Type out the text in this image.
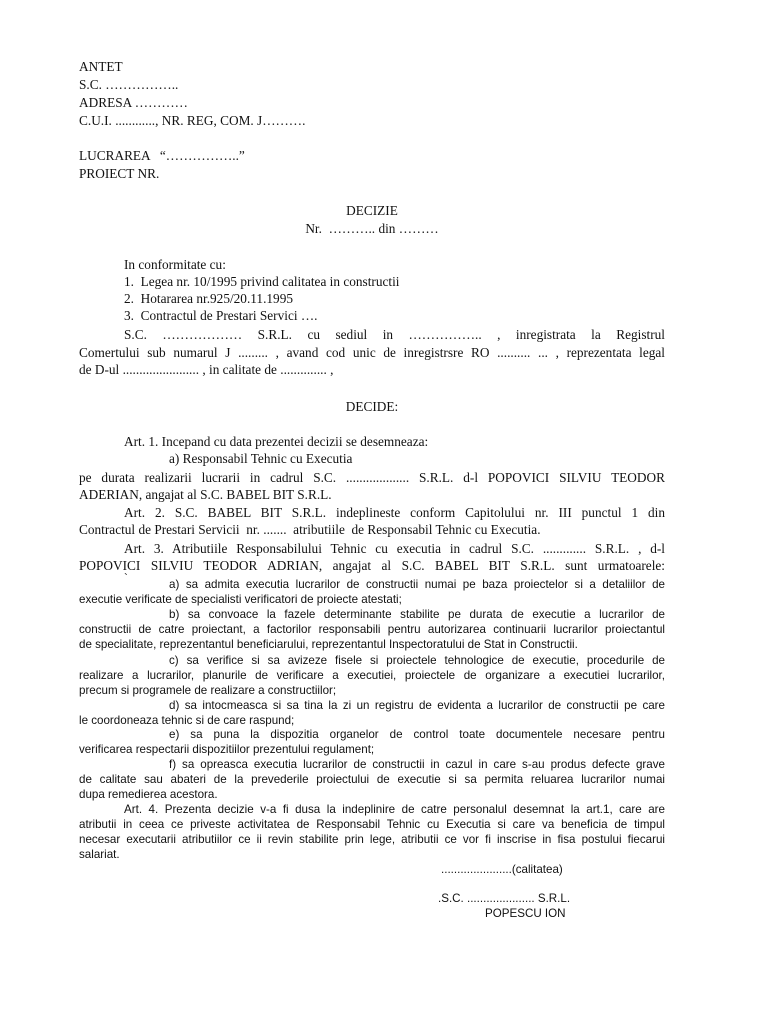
ANTET
S.C. ……………..
ADRESA …………
C.U.I. ............, NR. REG, COM. J……….
LUCRAREA   “……………..”
PROIECT NR.
DECIZIE
Nr.  ……….. din ………
In conformitate cu:
1.  Legea nr. 10/1995 privind calitatea in constructii
2.  Hotararea nr.925/20.11.1995
3.  Contractul de Prestari Servici ….
S.C. ……………… S.R.L. cu sediul in …………….. , inregistrata la Registrul
Comertului sub numarul J ......... , avand cod unic de inregistrsre RO .......... ... , reprezentata legal
de D-ul ....................... , in calitate de .............. ,
DECIDE:
Art. 1. Incepand cu data prezentei decizii se desemneaza:
a) Responsabil Tehnic cu Executia
pe durata realizarii lucrarii in cadrul S.C. ................... S.R.L. d-l POPOVICI SILVIU TEODOR
ADERIAN, angajat al S.C. BABEL BIT S.R.L.
Art. 2. S.C. BABEL BIT S.R.L. indeplineste conform Capitolului nr. III punctul 1 din
Contractul de Prestari Servicii  nr. .......  atributiile  de Responsabil Tehnic cu Executia.
Art. 3. Atributiile Responsabilului Tehnic cu executia in cadrul S.C. ............. S.R.L. , d-l
POPOVICI SILVIU TEODOR ADRIAN, angajat al S.C. BABEL BIT S.R.L. sunt urmatoarele:
`	a) sa admita executia lucrarilor de constructii numai pe baza proiectelor si a detaliilor de
executie verificate de specialisti verificatori de proiecte atestati;
b) sa convoace la fazele determinante stabilite pe durata de executie a lucrarilor de
constructii de catre proiectant, a factorilor responsabili pentru autorizarea continuarii lucrarilor proiectantul
de specialitate, reprezentantul beneficiarului, reprezentantul Inspectoratului de Stat in Constructii.
c) sa verifice si sa avizeze fisele si proiectele tehnologice de executie, procedurile de
realizare a lucrarilor, planurile de verificare a executiei, proiectele de organizare a executiei lucrarilor,
precum si programele de realizare a constructiilor;
d) sa intocmeasca si sa tina la zi un registru de evidenta a lucrarilor de constructii pe care
le coordoneaza tehnic si de care raspund;
e) sa puna la dispozitia organelor de control toate documentele necesare pentru
verificarea respectarii dispozitiilor prezentului regulament;
f) sa opreasca executia lucrarilor de constructii in cazul in care s-au produs defecte grave
de calitate sau abateri de la prevederile proiectului de executie si sa permita reluarea lucrarilor numai
dupa remedierea acestora.
Art. 4. Prezenta decizie v-a fi dusa la indeplinire de catre personalul desemnat la art.1, care are
atributii in ceea ce priveste activitatea de Responsabil Tehnic cu Executia si care va beneficia de timpul
necesar executarii atributiilor ce ii revin stabilite prin lege, atributii ce vor fi inscrise in fisa postului fiecarui
salariat.
......................(calitatea)
.S.C. ..................... S.R.L.
POPESCU ION
